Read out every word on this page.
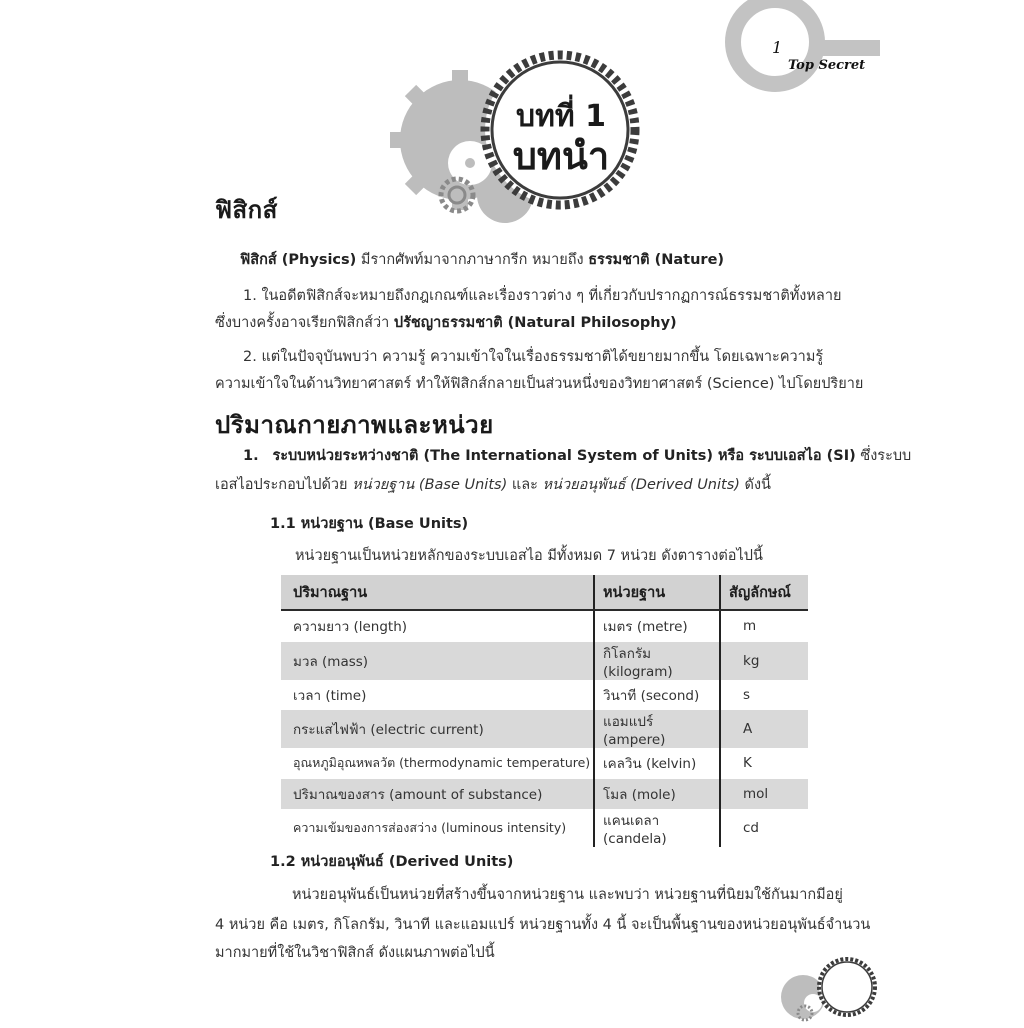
1
Top Secret
บทที่ 1
บทนำ
ฟิสิกส์
ฟิสิกส์ (Physics) มีรากศัพท์มาจากภาษากรีก หมายถึง ธรรมชาติ (Nature)
1. ในอดีตฟิสิกส์จะหมายถึงกฎเกณฑ์และเรื่องราวต่าง ๆ ที่เกี่ยวกับปรากฏการณ์ธรรมชาติทั้งหลาย
ซึ่งบางครั้งอาจเรียกฟิสิกส์ว่า ปรัชญาธรรมชาติ (Natural Philosophy)
2. แต่ในปัจจุบันพบว่า ความรู้ ความเข้าใจในเรื่องธรรมชาติได้ขยายมากขึ้น โดยเฉพาะความรู้
ความเข้าใจในด้านวิทยาศาสตร์ ทำให้ฟิสิกส์กลายเป็นส่วนหนึ่งของวิทยาศาสตร์ (Science) ไปโดยปริยาย
ปริมาณกายภาพและหน่วย
1. ระบบหน่วยระหว่างชาติ (The International System of Units) หรือ ระบบเอสไอ (SI) ซึ่งระบบ
เอสไอประกอบไปด้วย หน่วยฐาน (Base Units) และ หน่วยอนุพันธ์ (Derived Units) ดังนี้
1.1 หน่วยฐาน (Base Units)
หน่วยฐานเป็นหน่วยหลักของระบบเอสไอ มีทั้งหมด 7 หน่วย ดังตารางต่อไปนี้
ปริมาณฐาน	หน่วยฐาน	สัญลักษณ์
ความยาว (length)	เมตร (metre)	m
มวล (mass)	กิโลกรัม (kilogram)	kg
เวลา (time)	วินาที (second)	s
กระแสไฟฟ้า (electric current)	แอมแปร์ (ampere)	A
อุณหภูมิอุณหพลวัต (thermodynamic temperature)	เคลวิน (kelvin)	K
ปริมาณของสาร (amount of substance)	โมล (mole)	mol
ความเข้มของการส่องสว่าง (luminous intensity)	แคนเดลา (candela)	cd
1.2 หน่วยอนุพันธ์ (Derived Units)
หน่วยอนุพันธ์เป็นหน่วยที่สร้างขึ้นจากหน่วยฐาน และพบว่า หน่วยฐานที่นิยมใช้กันมากมีอยู่
4 หน่วย คือ เมตร, กิโลกรัม, วินาที และแอมแปร์ หน่วยฐานทั้ง 4 นี้ จะเป็นพื้นฐานของหน่วยอนุพันธ์จำนวน
มากมายที่ใช้ในวิชาฟิสิกส์ ดังแผนภาพต่อไปนี้
